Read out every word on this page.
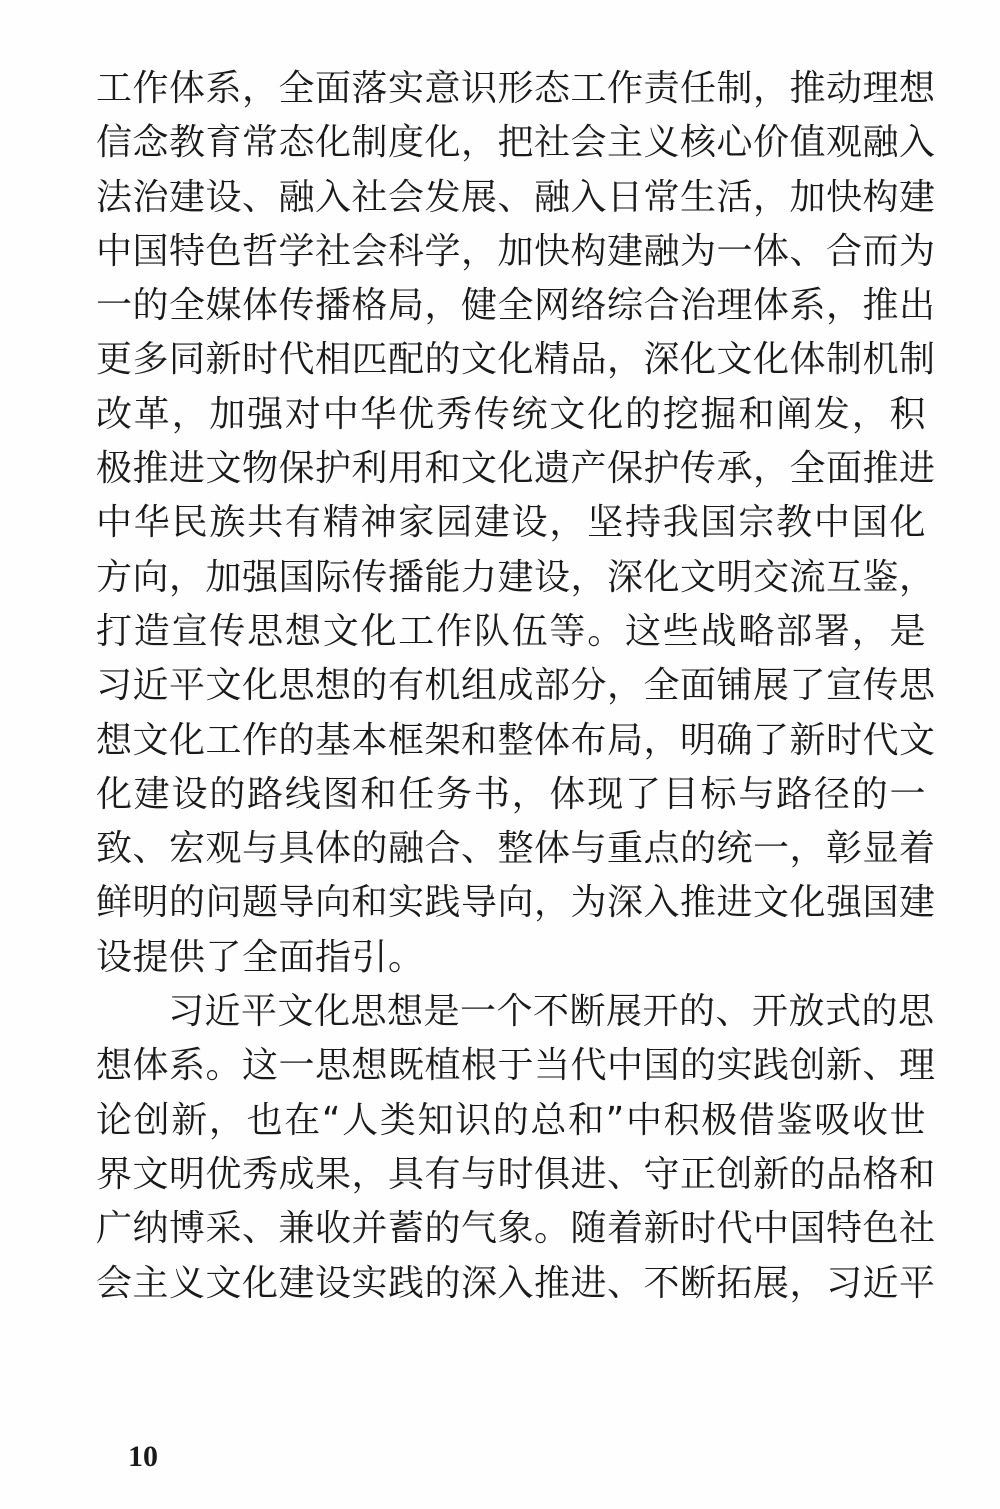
工作体系，全面落实意识形态工作责任制，推动理想
信念教育常态化制度化，把社会主义核心价值观融入
法治建设、融入社会发展、融入日常生活，加快构建
中国特色哲学社会科学，加快构建融为一体、合而为
一的全媒体传播格局，健全网络综合治理体系，推出
更多同新时代相匹配的文化精品，深化文化体制机制
改革，加强对中华优秀传统文化的挖掘和阐发，积
极推进文物保护利用和文化遗产保护传承，全面推进
中华民族共有精神家园建设，坚持我国宗教中国化
方向，加强国际传播能力建设，深化文明交流互鉴，
打造宣传思想文化工作队伍等。这些战略部署，是
习近平文化思想的有机组成部分，全面铺展了宣传思
想文化工作的基本框架和整体布局，明确了新时代文
化建设的路线图和任务书，体现了目标与路径的一
致、宏观与具体的融合、整体与重点的统一，彰显着
鲜明的问题导向和实践导向，为深入推进文化强国建
设提供了全面指引。
习近平文化思想是一个不断展开的、开放式的思
想体系。这一思想既植根于当代中国的实践创新、理
论创新，也在“人类知识的总和”中积极借鉴吸收世
界文明优秀成果，具有与时俱进、守正创新的品格和
广纳博采、兼收并蓄的气象。随着新时代中国特色社
会主义文化建设实践的深入推进、不断拓展，习近平
10
